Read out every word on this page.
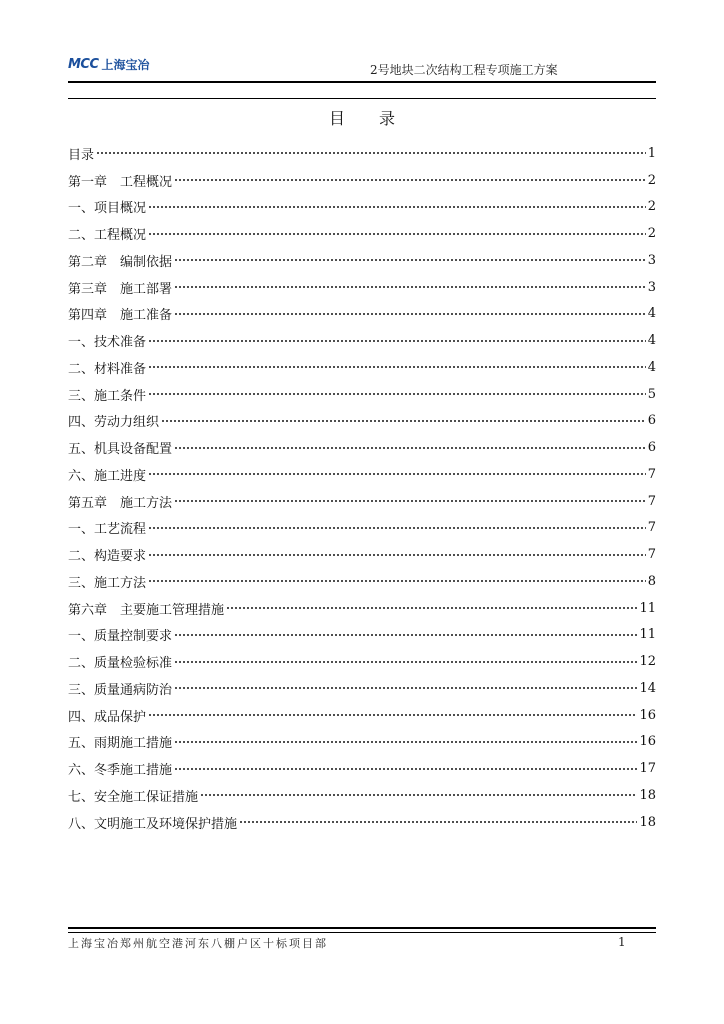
MCC 上海宝冶	2号地块二次结构工程专项施工方案
目录
目录	1
第一章　工程概况	2
一、项目概况	2
二、工程概况	2
第二章　编制依据	3
第三章　施工部署	3
第四章　施工准备	4
一、技术准备	4
二、材料准备	4
三、施工条件	5
四、劳动力组织	6
五、机具设备配置	6
六、施工进度	7
第五章　施工方法	7
一、工艺流程	7
二、构造要求	7
三、施工方法	8
第六章　主要施工管理措施	11
一、质量控制要求	11
二、质量检验标准	12
三、质量通病防治	14
四、成品保护	16
五、雨期施工措施	16
六、冬季施工措施	17
七、安全施工保证措施	18
八、文明施工及环境保护措施	18
上海宝冶郑州航空港河东八棚户区十标项目部	1
